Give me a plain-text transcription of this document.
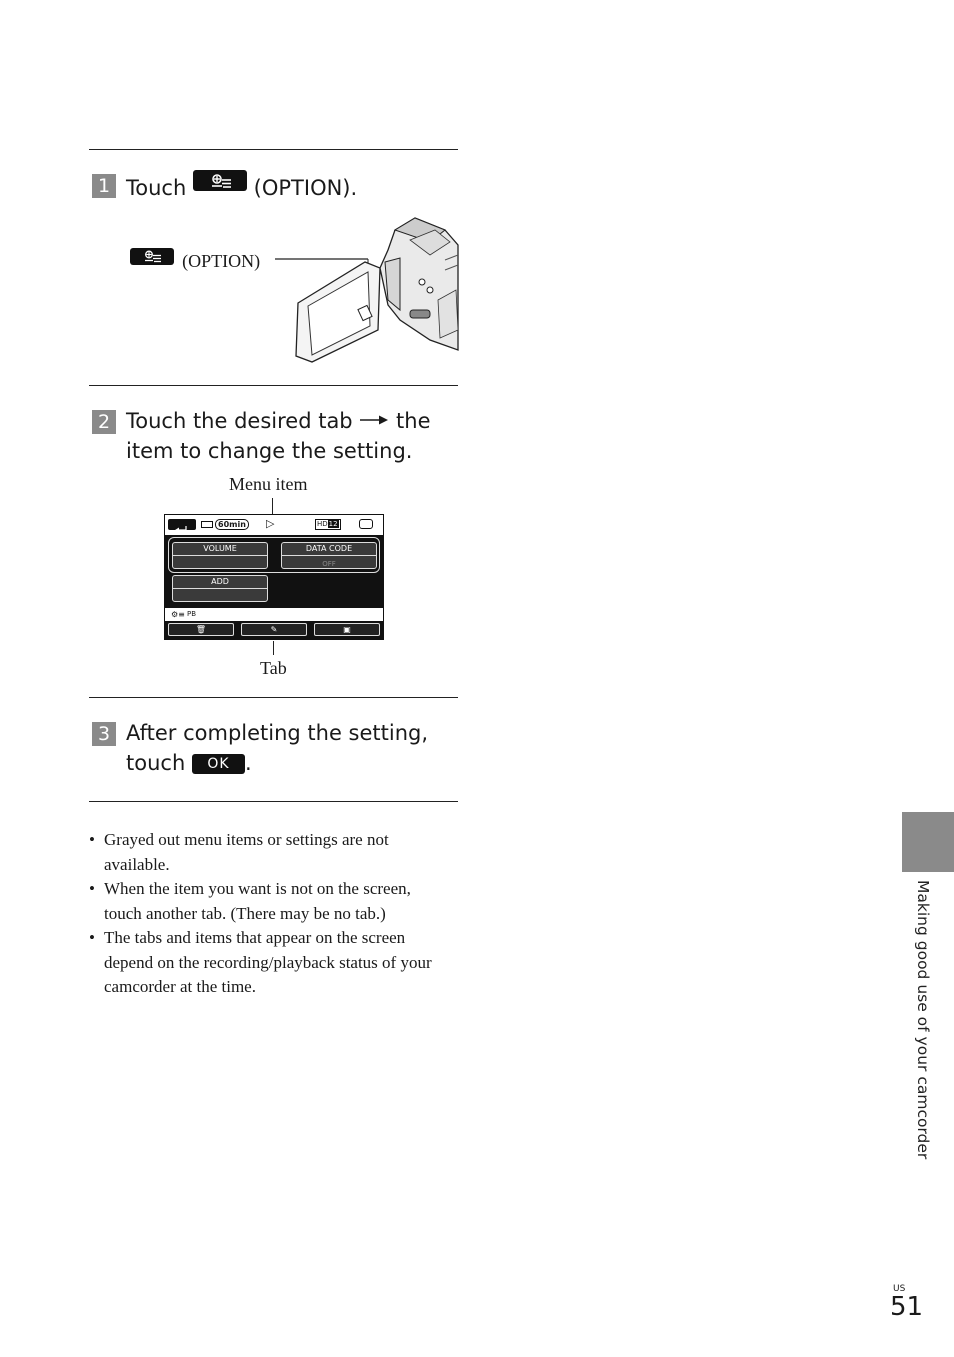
1 Touch	(OPTION).
(OPTION)
2 Touch the desired tab the
item to change the setting.
Menu item
60min ▷	HD12
VOLUME	DATA CODE
OFF
ADD
⚙≡ PB
🗑	✎	▣
Tab
3 After completing the setting,
touch OK .
• Grayed out menu items or settings are not available.
• When the item you want is not on the screen, touch another tab. (There may be no tab.)
• The tabs and items that appear on the screen depend on the recording/playback status of your camcorder at the time.	Making good use of your camcorder
US
51
